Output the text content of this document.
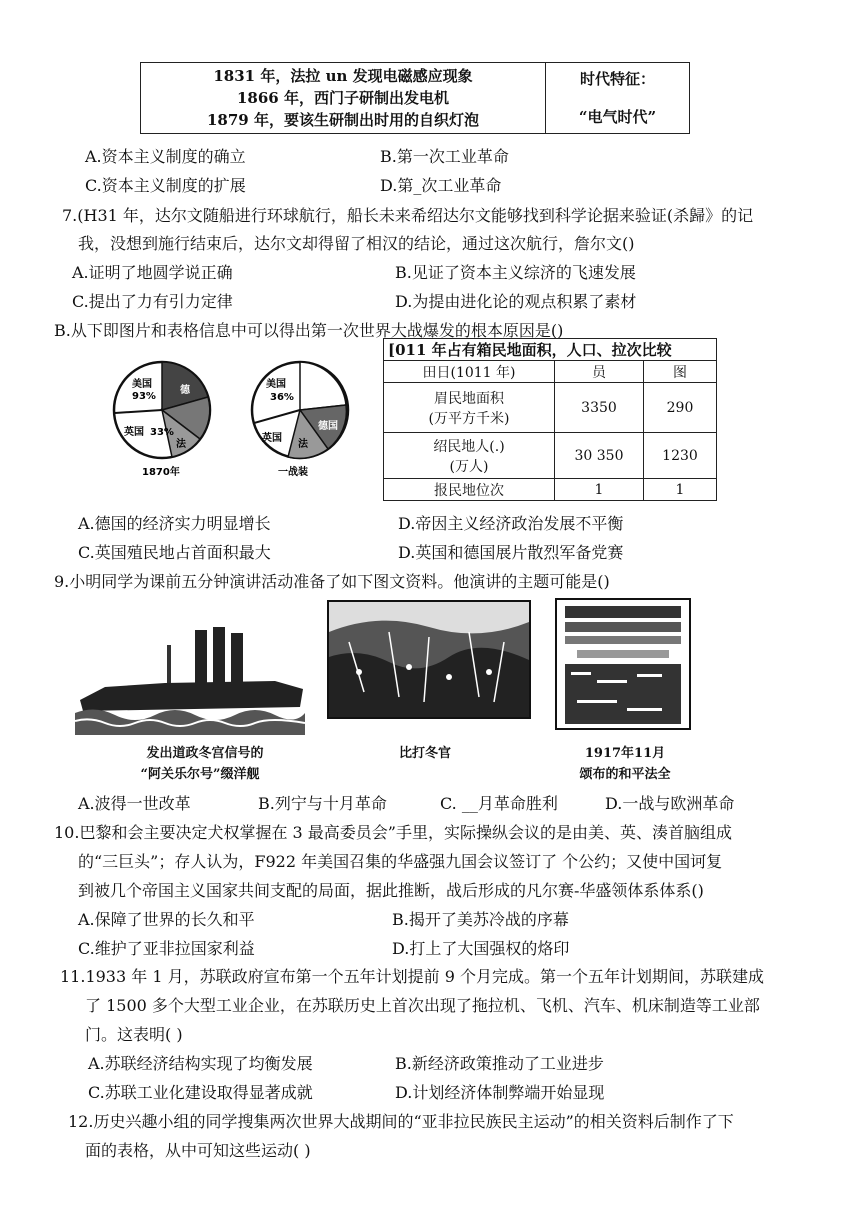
1831 年，法拉 un 发现电磁感应现象
1866 年，西门子研制出发电机
1879 年，要该生研制出时用的自织灯泡

时代特征：
“电气时代”
A.资本主义制度的确立	B.第一次工业革命
C.资本主义制度的扩展	D.第_次工业革命
7.(H31 年，达尔文随船进行环球航行，船长未来希绍达尔文能够找到科学论据来验证(杀歸》的记
我，没想到施行结束后，达尔文却得留了相汉的结论，通过这次航行，詹尔文()
A.证明了地圆学说正确	B.见证了资本主义综济的飞速发展
C.提出了力有引力定律	D.为提由进化论的观点积累了素材
B.从下即图片和表格信息中可以得出第一次世界大战爆发的根本原因是()
美国
93%
英国 33%
德
法
1870年
美国
36%
英国
德国
法
一战装
[011 年占有箱民地面积，人口、拉次比较		
田日(1011 年)	员	图

眉民地面积
(万平方千米)	3350	290

绍民地人(.)
(万人)	30 350	1230
报民地位次	1	1
A.德国的经济实力明显增长	D.帝因主义经济政治发展不平衡
C.英国殖民地占首面积最大	D.英国和德国展片散烈军备党赛
9.小明同学为课前五分钟演讲活动准备了如下图文资料。他演讲的主题可能是()
发出道政冬宫信号的
“阿关乐尔号”缀洋舰
比打冬官	1917年11月
颂布的和平法全
A.波得一世改革	B.列宁与十月革命	C. __月革命胜利	D.一战与欧洲革命
10.巴黎和会主要决定犬权掌握在 3 最高委员会”手里，实际操纵会议的是由美、英、湊首脑组成
的“三巨头”；存人认为，F922 年美国召集的华盛强九国会议签订了 个公约；又使中国诃复
到被几个帝国主义国家共间支配的局面，据此推断，战后形成的凡尔赛-华盛领体系体系()
A.保障了世界的长久和平	B.揭开了美苏冷战的序幕
C.维护了亚非拉国家利益	D.打上了大国强权的烙印
11.1933 年 1 月，苏联政府宣布第一个五年计划提前 9 个月完成。第一个五年计划期间，苏联建成
了 1500 多个大型工业企业，在苏联历史上首次出现了拖拉机、飞机、汽车、机床制造等工业部
门。这表明( )
A.苏联经济结构实现了均衡发展	B.新经济政策推动了工业进步
C.苏联工业化建设取得显著成就	D.计划经济体制弊端开始显现
12.历史兴趣小组的同学搜集两次世界大战期间的“亚非拉民族民主运动”的相关资料后制作了下
面的表格，从中可知这些运动( )
